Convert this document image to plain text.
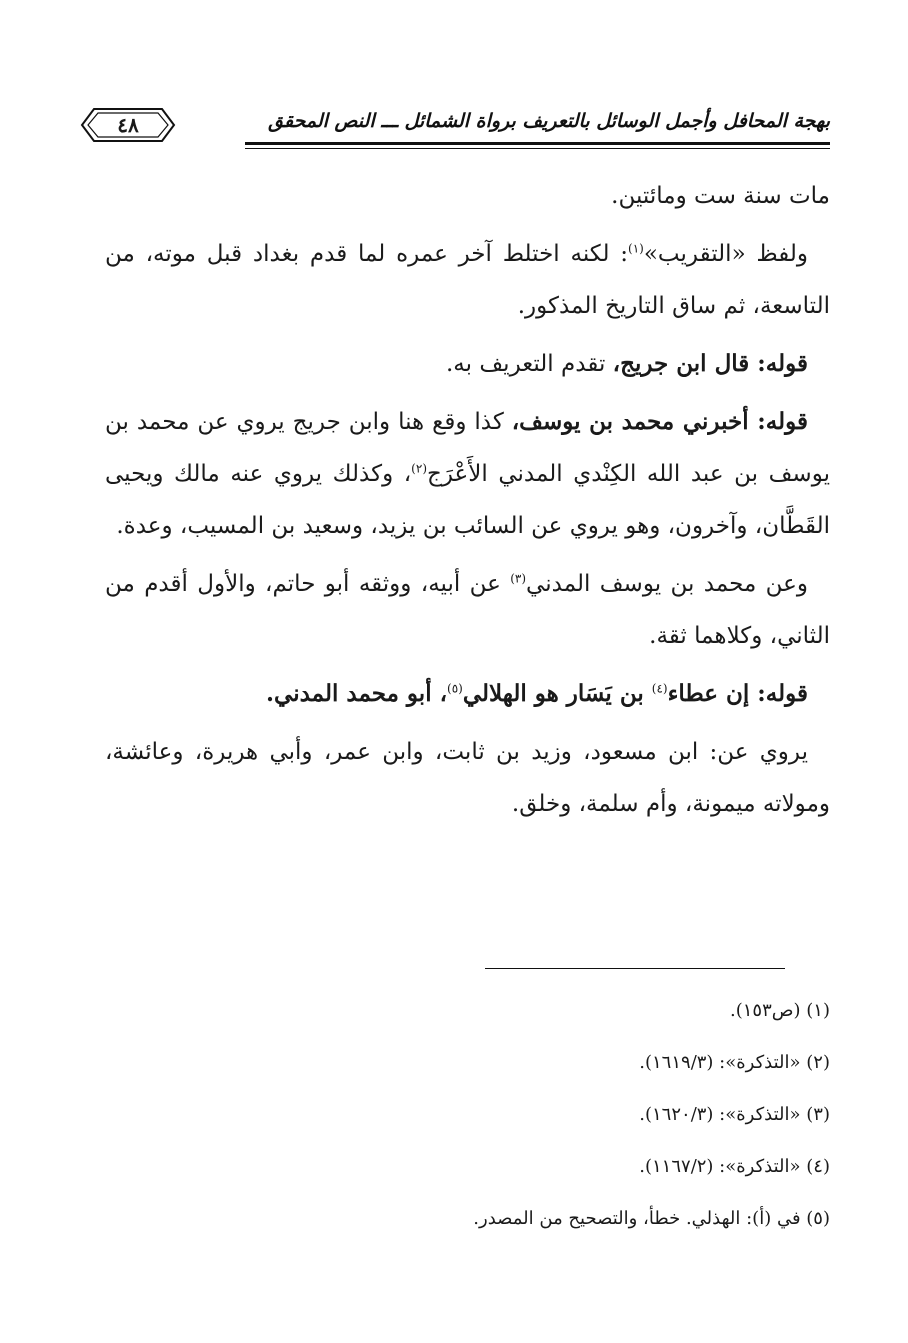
٤٨	بهجة المحافل وأجمل الوسائل بالتعريف برواة الشمائل ـــ النص المحقق

مات سنة ست ومائتين.

ولفظ «التقريب»$^{(١)}$: لكنه اختلط آخر عمره لما قدم بغداد قبل موته، من التاسعة، ثم ساق التاريخ المذكور.

قوله: قال ابن جريج، تقدم التعريف به.

قوله: أخبرني محمد بن يوسف، كذا وقع هنا وابن جريج يروي عن محمد بن يوسف بن عبد الله الكِنْدي المدني الأَعْرَج$^{(٢)}$، وكذلك يروي عنه مالك ويحيى القَطَّان، وآخرون، وهو يروي عن السائب بن يزيد، وسعيد بن المسيب، وعدة.

وعن محمد بن يوسف المدني$^{(٣)}$ عن أبيه، ووثقه أبو حاتم، والأول أقدم من الثاني، وكلاهما ثقة.

قوله: إن عطاء$^{(٤)}$ بن يَسَار هو الهلالي$^{(٥)}$، أبو محمد المدني.

يروي عن: ابن مسعود، وزيد بن ثابت، وابن عمر، وأبي هريرة، وعائشة، ومولاته ميمونة، وأم سلمة، وخلق.

(١) (ص١٥٣).
(٢) «التذكرة»: (١٦١٩/٣).
(٣) «التذكرة»: (١٦٢٠/٣).
(٤) «التذكرة»: (١١٦٧/٢).
(٥) في (أ): الهذلي. خطأ، والتصحيح من المصدر.
